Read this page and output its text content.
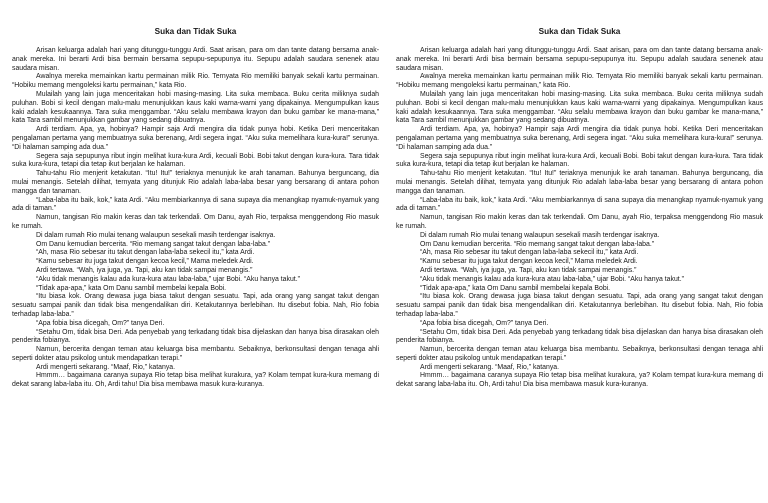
Suka dan Tidak Suka

Arisan keluarga adalah hari yang ditunggu-tunggu Ardi. Saat arisan, para om dan tante datang bersama anak-anak mereka. Ini berarti Ardi bisa bermain bersama sepupu-sepupunya itu. Sepupu adalah saudara senenek atau saudara misan.

Awalnya mereka memainkan kartu permainan milik Rio. Ternyata Rio memiliki banyak sekali kartu permainan. “Hobiku memang mengoleksi kartu permainan,” kata Rio.

Mulailah yang lain juga menceritakan hobi masing-masing. Lita suka membaca. Buku cerita miliknya sudah puluhan. Bobi si kecil dengan malu-malu menunjukkan kaus kaki warna-warni yang dipakainya. Mengumpulkan kaus kaki adalah kesukaannya. Tara suka menggambar. “Aku selalu membawa krayon dan buku gambar ke mana-mana,” kata Tara sambil menunjukkan gambar yang sedang dibuatnya.

Ardi terdiam. Apa, ya, hobinya? Hampir saja Ardi mengira dia tidak punya hobi. Ketika Deri menceritakan pengalaman pertama yang membuatnya suka berenang, Ardi segera ingat. “Aku suka memelihara kura-kura!” serunya. “Di halaman samping ada dua.”

Segera saja sepupunya ribut ingin melihat kura-kura Ardi, kecuali Bobi. Bobi takut dengan kura-kura. Tara tidak suka kura-kura, tetapi dia tetap ikut berjalan ke halaman.

Tahu-tahu Rio menjerit ketakutan. “Itu! Itu!” teriaknya menunjuk ke arah tanaman. Bahunya berguncang, dia mulai menangis. Setelah dilihat, ternyata yang ditunjuk Rio adalah laba-laba besar yang bersarang di antara pohon mangga dan tanaman.

“Laba-laba itu baik, kok,” kata Ardi. “Aku membiarkannya di sana supaya dia menangkap nyamuk-nyamuk yang ada di taman.”

Namun, tangisan Rio makin keras dan tak terkendali. Om Danu, ayah Rio, terpaksa menggendong Rio masuk ke rumah.

Di dalam rumah Rio mulai tenang walaupun sesekali masih terdengar isaknya.

Om Danu kemudian bercerita. “Rio memang sangat takut dengan laba-laba.”

“Ah, masa Rio sebesar itu takut dengan laba-laba sekecil itu,” kata Ardi.

“Kamu sebesar itu juga takut dengan kecoa kecil,” Mama meledek Ardi.

Ardi tertawa. “Wah, iya juga, ya. Tapi, aku kan tidak sampai menangis.”

“Aku tidak menangis kalau ada kura-kura atau laba-laba,” ujar Bobi. “Aku hanya takut.”

“Tidak apa-apa,” kata Om Danu sambil membelai kepala Bobi.

“Itu biasa kok. Orang dewasa juga biasa takut dengan sesuatu. Tapi, ada orang yang sangat takut dengan sesuatu sampai panik dan tidak bisa mengendalikan diri. Ketakutannya berlebihan. Itu disebut fobia. Nah, Rio fobia terhadap laba-laba.”

“Apa fobia bisa dicegah, Om?” tanya Deri.

“Setahu Om, tidak bisa Deri. Ada penyebab yang terkadang tidak bisa dijelaskan dan hanya bisa dirasakan oleh penderita fobianya.

Namun, bercerita dengan teman atau keluarga bisa membantu. Sebaiknya, berkonsultasi dengan tenaga ahli seperti dokter atau psikolog untuk mendapatkan terapi.”

Ardi mengerti sekarang. “Maaf, Rio,” katanya.

Hmmm… bagaimana caranya supaya Rio tetap bisa melihat kurakura, ya? Kolam tempat kura-kura memang di dekat sarang laba-laba itu. Oh, Ardi tahu! Dia bisa membawa masuk kura-kuranya.

Suka dan Tidak Suka

Arisan keluarga adalah hari yang ditunggu-tunggu Ardi. Saat arisan, para om dan tante datang bersama anak-anak mereka. Ini berarti Ardi bisa bermain bersama sepupu-sepupunya itu. Sepupu adalah saudara senenek atau saudara misan.

Awalnya mereka memainkan kartu permainan milik Rio. Ternyata Rio memiliki banyak sekali kartu permainan. “Hobiku memang mengoleksi kartu permainan,” kata Rio.

Mulailah yang lain juga menceritakan hobi masing-masing. Lita suka membaca. Buku cerita miliknya sudah puluhan. Bobi si kecil dengan malu-malu menunjukkan kaus kaki warna-warni yang dipakainya. Mengumpulkan kaus kaki adalah kesukaannya. Tara suka menggambar. “Aku selalu membawa krayon dan buku gambar ke mana-mana,” kata Tara sambil menunjukkan gambar yang sedang dibuatnya.

Ardi terdiam. Apa, ya, hobinya? Hampir saja Ardi mengira dia tidak punya hobi. Ketika Deri menceritakan pengalaman pertama yang membuatnya suka berenang, Ardi segera ingat. “Aku suka memelihara kura-kura!” serunya. “Di halaman samping ada dua.”

Segera saja sepupunya ribut ingin melihat kura-kura Ardi, kecuali Bobi. Bobi takut dengan kura-kura. Tara tidak suka kura-kura, tetapi dia tetap ikut berjalan ke halaman.

Tahu-tahu Rio menjerit ketakutan. “Itu! Itu!” teriaknya menunjuk ke arah tanaman. Bahunya berguncang, dia mulai menangis. Setelah dilihat, ternyata yang ditunjuk Rio adalah laba-laba besar yang bersarang di antara pohon mangga dan tanaman.

“Laba-laba itu baik, kok,” kata Ardi. “Aku membiarkannya di sana supaya dia menangkap nyamuk-nyamuk yang ada di taman.”

Namun, tangisan Rio makin keras dan tak terkendali. Om Danu, ayah Rio, terpaksa menggendong Rio masuk ke rumah.

Di dalam rumah Rio mulai tenang walaupun sesekali masih terdengar isaknya.

Om Danu kemudian bercerita. “Rio memang sangat takut dengan laba-laba.”

“Ah, masa Rio sebesar itu takut dengan laba-laba sekecil itu,” kata Ardi.

“Kamu sebesar itu juga takut dengan kecoa kecil,” Mama meledek Ardi.

Ardi tertawa. “Wah, iya juga, ya. Tapi, aku kan tidak sampai menangis.”

“Aku tidak menangis kalau ada kura-kura atau laba-laba,” ujar Bobi. “Aku hanya takut.”

“Tidak apa-apa,” kata Om Danu sambil membelai kepala Bobi.

“Itu biasa kok. Orang dewasa juga biasa takut dengan sesuatu. Tapi, ada orang yang sangat takut dengan sesuatu sampai panik dan tidak bisa mengendalikan diri. Ketakutannya berlebihan. Itu disebut fobia. Nah, Rio fobia terhadap laba-laba.”

“Apa fobia bisa dicegah, Om?” tanya Deri.

“Setahu Om, tidak bisa Deri. Ada penyebab yang terkadang tidak bisa dijelaskan dan hanya bisa dirasakan oleh penderita fobianya.

Namun, bercerita dengan teman atau keluarga bisa membantu. Sebaiknya, berkonsultasi dengan tenaga ahli seperti dokter atau psikolog untuk mendapatkan terapi.”

Ardi mengerti sekarang. “Maaf, Rio,” katanya.

Hmmm… bagaimana caranya supaya Rio tetap bisa melihat kurakura, ya? Kolam tempat kura-kura memang di dekat sarang laba-laba itu. Oh, Ardi tahu! Dia bisa membawa masuk kura-kuranya.
